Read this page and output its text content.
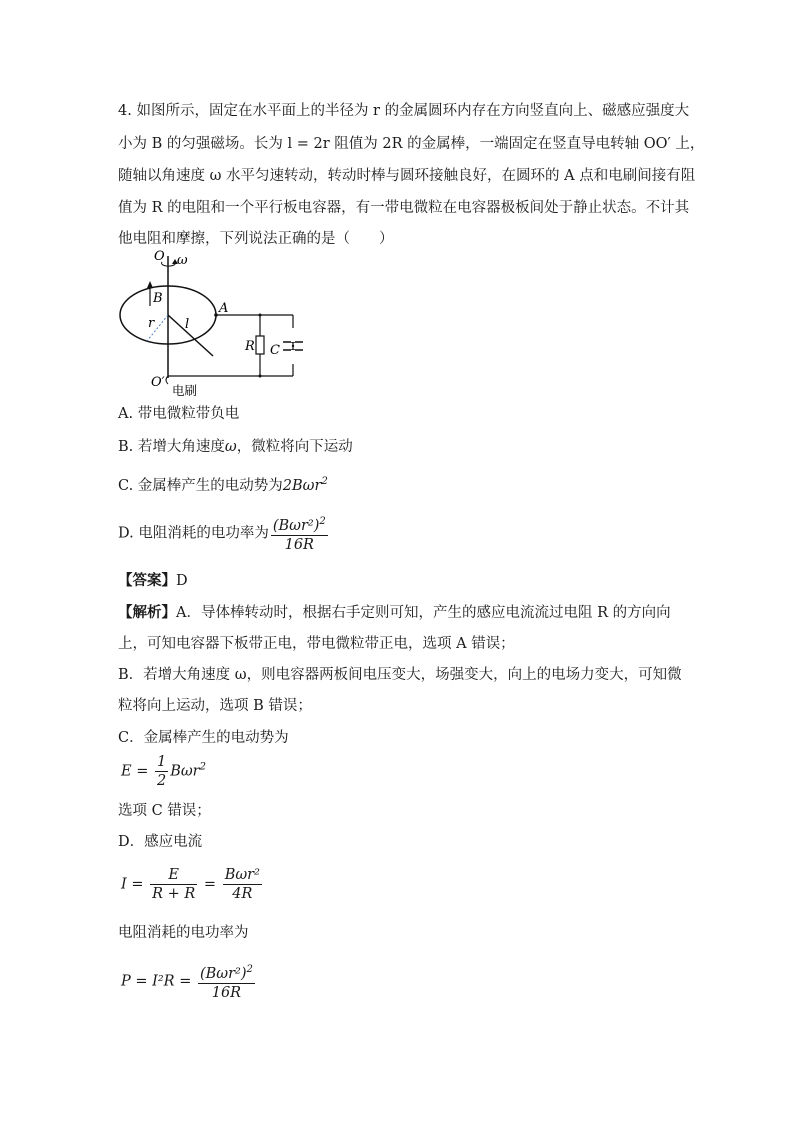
4. 如图所示，固定在水平面上的半径为 r 的金属圆环内存在方向竖直向上、磁感应强度大
小为 B 的匀强磁场。长为 l = 2r 阻值为 2R 的金属棒，一端固定在竖直导电转轴 OO′ 上，
随轴以角速度 ω 水平匀速转动，转动时棒与圆环接触良好，在圆环的 A 点和电刷间接有阻
值为 R 的电阻和一个平行板电容器，有一带电微粒在电容器极板间处于静止状态。不计其
他电阻和摩擦，下列说法正确的是（　　）
O ω
B
A
r l
R C
O′
电刷
A. 带电微粒带负电
B. 若增大角速度ω，微粒将向下运动
C. 金属棒产生的电动势为2Bωr$^2$
D. 电阻消耗的电功率为 $\frac{(B\omega r^2)^2}{16R}$
【答案】D
【解析】A．导体棒转动时，根据右手定则可知，产生的感应电流流过电阻 R 的方向向
上，可知电容器下板带正电，带电微粒带正电，选项 A 错误；
B．若增大角速度 ω，则电容器两板间电压变大，场强变大，向上的电场力变大，可知微
粒将向上运动，选项 B 错误；
C．金属棒产生的电动势为
$E = \frac{1}{2} B\omega r^2$
选项 C 错误；
D．感应电流
$I = \frac{E}{R + R} = \frac{\text{Bωr²}}{4R}$
电阻消耗的电功率为
$P = I^2R = \frac{(B\omega r^2)^2}{16R}$
